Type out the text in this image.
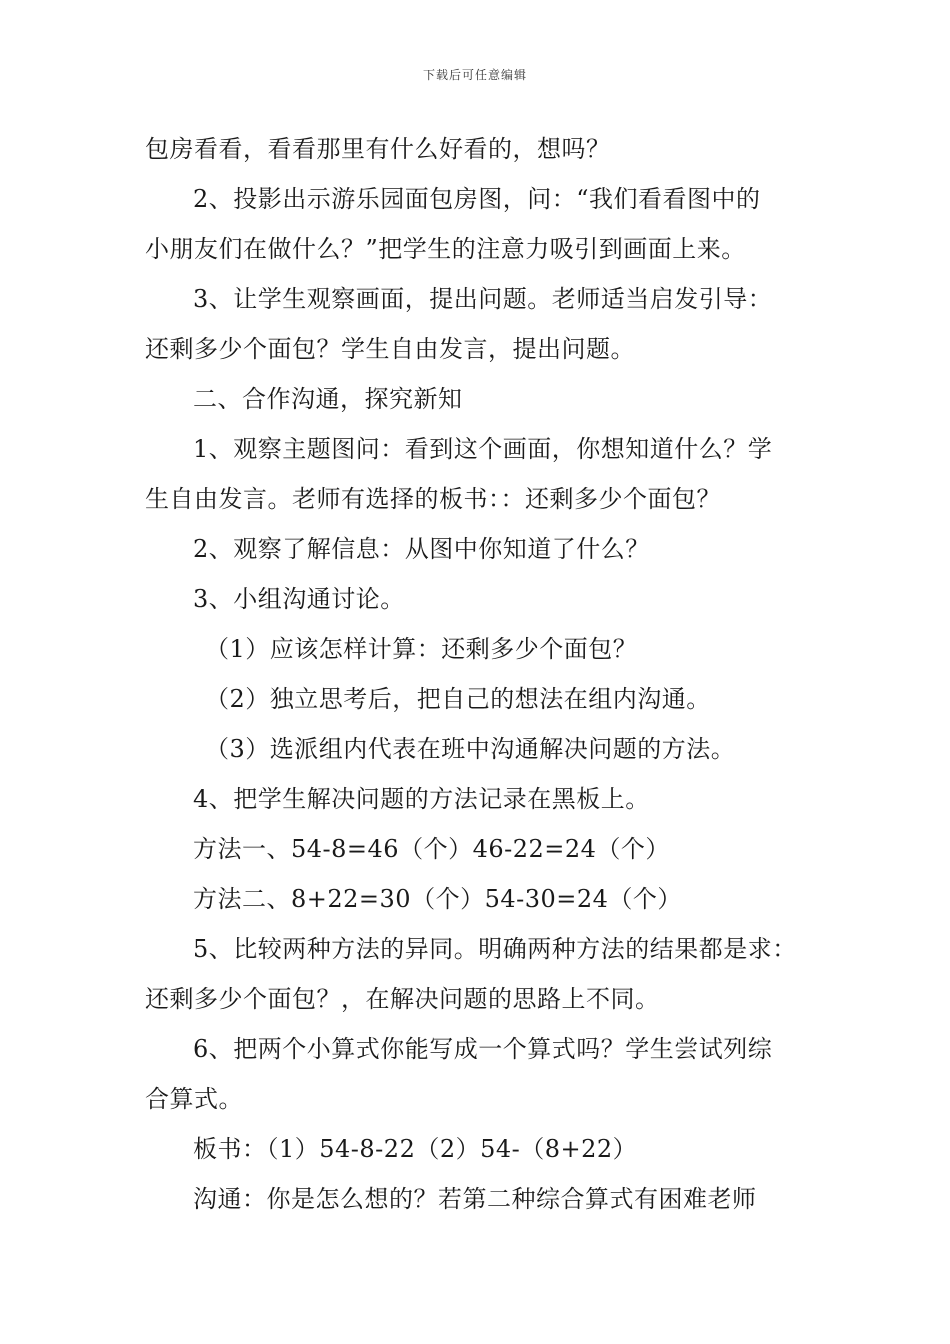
下载后可任意编辑
包房看看，看看那里有什么好看的，想吗？
2、投影出示游乐园面包房图，问：“我们看看图中的
小朋友们在做什么？”把学生的注意力吸引到画面上来。
3、让学生观察画面，提出问题。老师适当启发引导：
还剩多少个面包？学生自由发言，提出问题。
二、合作沟通，探究新知
1、观察主题图问：看到这个画面，你想知道什么？学
生自由发言。老师有选择的板书：：还剩多少个面包？
2、观察了解信息：从图中你知道了什么？
3、小组沟通讨论。
（1）应该怎样计算：还剩多少个面包？
（2）独立思考后，把自己的想法在组内沟通。
（3）选派组内代表在班中沟通解决问题的方法。
4、把学生解决问题的方法记录在黑板上。
方法一、54-8=46（个）46-22=24（个）
方法二、8+22=30（个）54-30=24（个）
5、比较两种方法的异同。明确两种方法的结果都是求：
还剩多少个面包？，在解决问题的思路上不同。
6、把两个小算式你能写成一个算式吗？学生尝试列综
合算式。
板书：（1）54-8-22（2）54-（8+22）
沟通：你是怎么想的？若第二种综合算式有困难老师
